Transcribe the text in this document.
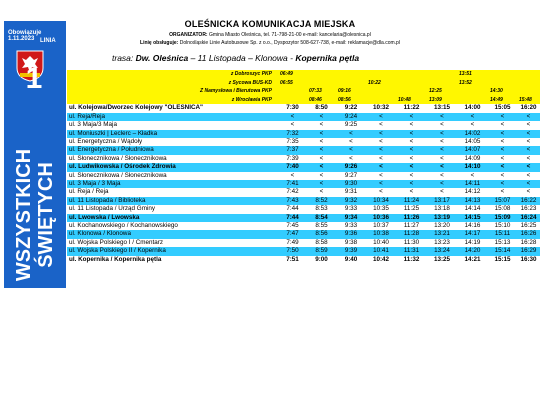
Obowiązuje 1.11.2023 LINIA
1
WSZYSTKICH ŚWIĘTYCH
OLEŚNICKA KOMUNIKACJA MIEJSKA
ORGANIZATOR: Gmina Miasto Oleśnica, tel. 71-798-21-00 e-mail: kancelaria@olesnica.pl
Linię obsługuje: Dolnośląskie Linie Autobusowe Sp. z o.o., Dyspozytor 508-627-738, e-mail: reklamacje@dla.com.pl
trasa: Dw. Oleśnica – 11 Listopada – Klonowa - Kopernika pętla
z Dobroszyc PKP	06:49						13:51		
z Sycowa BUS-KD	06:55			10:22			13:52		
Z Namysłowa i Bierutowa PKP		07:33	09:16			12:25		14:30	
z Wrocławia PKP		08:46	08:56		10:48	13:09		14:49	15:48
ul. Kolejowa/Dworzec Kolejowy "OLEŚNICA"	7:30	8:50	9:22	10:32	11:22	13:15	14:00	15:05	16:20
ul. Reja/Reja	<	<	9:24	<	<	<	<	<	<
ul. 3 Maja/3 Maja	<	<	9:25	<	<	<	<	<	<
ul. Moniuszki | Leclerc – Kładka	7:32	<	<	<	<	<	14:02	<	<
ul. Energetyczna / Wądoły	7:35	<	<	<	<	<	14:05	<	<
ul. Energetyczna / Południowa	7:37	<	<	<	<	<	14:07	<	<
ul. Słonecznikowa / Słonecznikowa	7:39	<	<	<	<	<	14:09	<	<
ul. Ludwikowska / Ośrodek Zdrowia	7:40	<	9:26	<	<	<	14:10	<	<
ul. Słonecznikowa / Słonecznikowa	<	<	9:27	<	<	<	<	<	<
ul. 3 Maja / 3 Maja	7:41	<	9:30	<	<	<	14:11	<	<
ul. Reja / Reja	7:42	<	9:31	<	<	<	14:12	<	<
ul. 11 Listopada / Biblioteka	7:43	8:52	9:32	10:34	11:24	13:17	14:13	15:07	16:22
ul. 11 Listopada / Urząd Gminy	7:44	8:53	9:33	10:35	11:25	13:18	14:14	15:08	16:23
ul. Lwowska / Lwowska	7:44	8:54	9:34	10:36	11:26	13:19	14:15	15:09	16:24
ul. Kochanowskiego / Kochanowskiego	7:45	8:55	9:33	10:37	11:27	13:20	14:16	15:10	16:25
ul. Klonowa / Klonowa	7:47	8:56	9:36	10:38	11:28	13:21	14:17	15:11	16:26
ul. Wojska Polskiego I / Cmentarz	7:49	8:58	9:38	10:40	11:30	13:23	14:19	15:13	16:28
ul. Wojska Polskiego II / Kopernika	7:50	8:59	9:39	10:41	11:31	13:24	14:20	15:14	16:29
ul. Kopernika / Kopernika pętla	7:51	9:00	9:40	10:42	11:32	13:25	14:21	15:15	16:30
